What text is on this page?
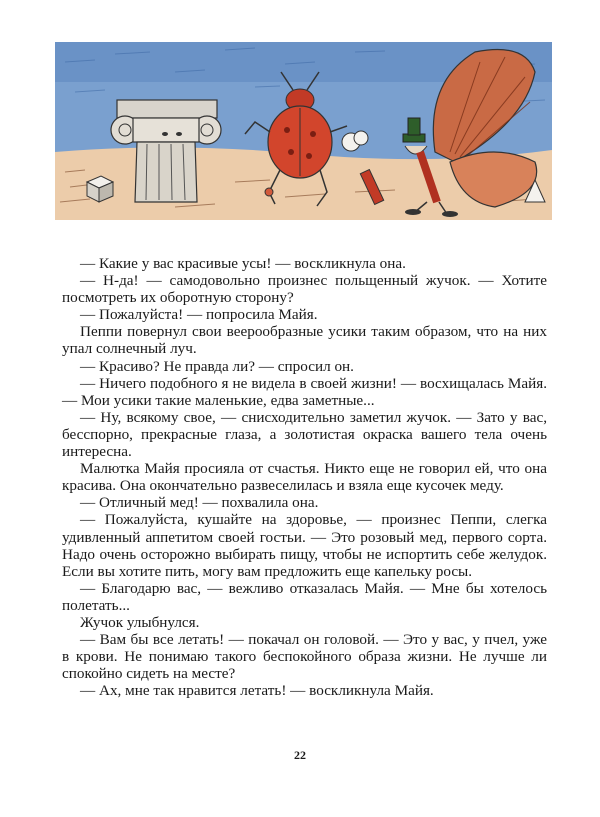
— Какие у вас красивые усы! — воскликнула она.

— Н-да! — самодовольно произнес польщенный жучок. — Хотите посмотреть их оборотную сторону?

— Пожалуйста! — попросила Майя.

Пеппи повернул свои веерообразные усики таким образом, что на них упал солнечный луч.

— Красиво? Не правда ли? — спросил он.

— Ничего подобного я не видела в своей жизни! — восхищалась Майя. — Мои усики такие маленькие, едва заметные...

— Ну, всякому свое, — снисходительно заметил жучок. — Зато у вас, бесспорно, прекрасные глаза, а золотистая окраска вашего тела очень интересна.

Малютка Майя просияла от счастья. Никто еще не говорил ей, что она красива. Она окончательно развеселилась и взяла еще кусочек меду.

— Отличный мед! — похвалила она.

— Пожалуйста, кушайте на здоровье, — произнес Пеппи, слегка удивленный аппетитом своей гостьи. — Это розовый мед, первого сорта. Надо очень осторожно выбирать пищу, чтобы не испортить себе желудок. Если вы хотите пить, могу вам предложить еще капельку росы.

— Благодарю вас, — вежливо отказалась Майя. — Мне бы хотелось полетать...

Жучок улыбнулся.

— Вам бы все летать! — покачал он головой. — Это у вас, у пчел, уже в крови. Не понимаю такого беспокойного образа жизни. Не лучше ли спокойно сидеть на месте?

— Ах, мне так нравится летать! — воскликнула Майя.

22
